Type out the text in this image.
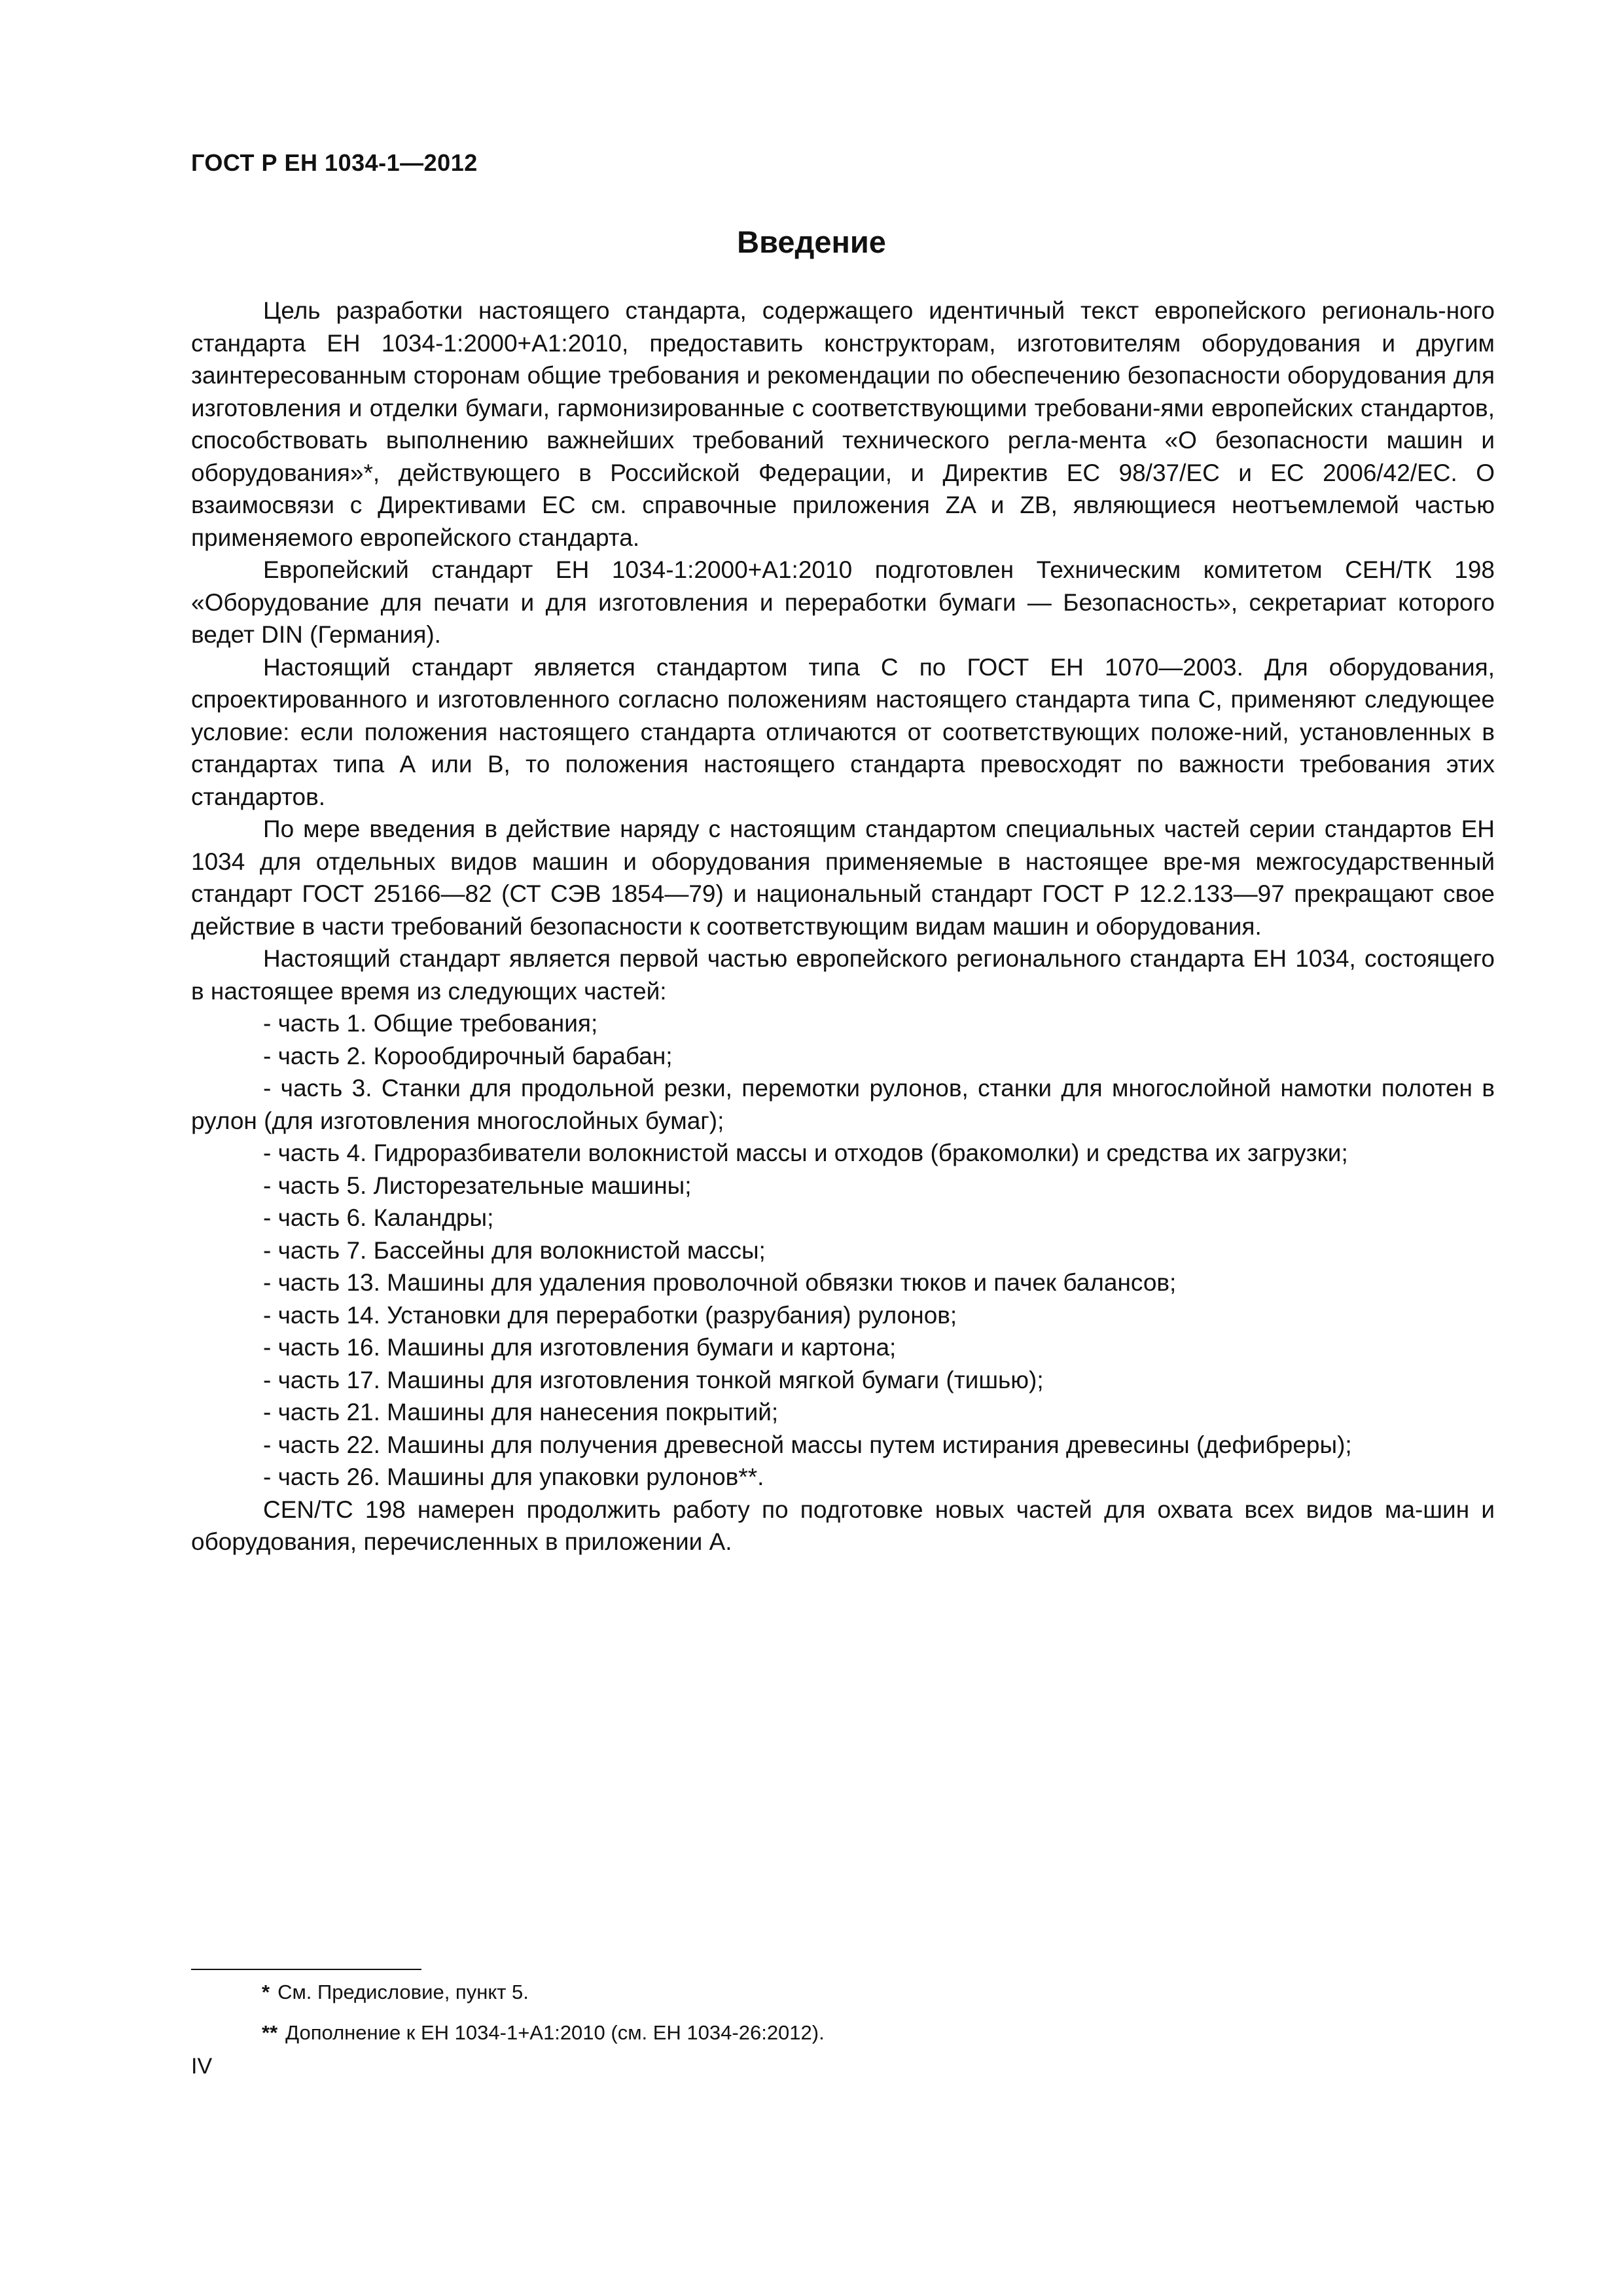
ГОСТ Р ЕН 1034-1—2012
Введение

Цель разработки настоящего стандарта, содержащего идентичный текст европейского региональ-ного стандарта ЕН 1034-1:2000+А1:2010, предоставить конструкторам, изготовителям оборудования и другим заинтересованным сторонам общие требования и рекомендации по обеспечению безопасности оборудования для изготовления и отделки бумаги, гармонизированные с соответствующими требовани-ями европейских стандартов, способствовать выполнению важнейших требований технического регла-мента «О безопасности машин и оборудования»*, действующего в Российской Федерации, и Директив ЕС 98/37/ЕС и ЕС 2006/42/ЕС. О взаимосвязи с Директивами ЕС см. справочные приложения ZA и ZB, являющиеся неотъемлемой частью применяемого европейского стандарта.

Европейский стандарт ЕН 1034-1:2000+А1:2010 подготовлен Техническим комитетом СЕН/ТК 198 «Оборудование для печати и для изготовления и переработки бумаги — Безопасность», секретариат которого ведет DIN (Германия).

Настоящий стандарт является стандартом типа С по ГОСТ ЕН 1070—2003. Для оборудования, спроектированного и изготовленного согласно положениям настоящего стандарта типа С, применяют следующее условие: если положения настоящего стандарта отличаются от соответствующих положе-ний, установленных в стандартах типа А или В, то положения настоящего стандарта превосходят по важности требования этих стандартов.

По мере введения в действие наряду с настоящим стандартом специальных частей серии стандартов ЕН 1034 для отдельных видов машин и оборудования применяемые в настоящее вре-мя межгосударственный стандарт ГОСТ 25166—82 (СТ СЭВ 1854—79) и национальный стандарт ГОСТ Р 12.2.133—97 прекращают свое действие в части требований безопасности к соответствующим видам машин и оборудования.

Настоящий стандарт является первой частью европейского регионального стандарта ЕН 1034, состоящего в настоящее время из следующих частей:

- часть 1. Общие требования;
- часть 2. Корообдирочный барабан;
- часть 3. Станки для продольной резки, перемотки рулонов, станки для многослойной намотки полотен в рулон (для изготовления многослойных бумаг);
- часть 4. Гидроразбиватели волокнистой массы и отходов (бракомолки) и средства их загрузки;
- часть 5. Листорезательные машины;
- часть 6. Каландры;
- часть 7. Бассейны для волокнистой массы;
- часть 13. Машины для удаления проволочной обвязки тюков и пачек балансов;
- часть 14. Установки для переработки (разрубания) рулонов;
- часть 16. Машины для изготовления бумаги и картона;
- часть 17. Машины для изготовления тонкой мягкой бумаги (тишью);
- часть 21. Машины для нанесения покрытий;
- часть 22. Машины для получения древесной массы путем истирания древесины (дефибреры);
- часть 26. Машины для упаковки рулонов**.

CEN/TC 198 намерен продолжить работу по подготовке новых частей для охвата всех видов ма-шин и оборудования, перечисленных в приложении А.

* См. Предисловие, пункт 5.
** Дополнение к ЕН 1034-1+А1:2010 (см. ЕН 1034-26:2012).
IV
